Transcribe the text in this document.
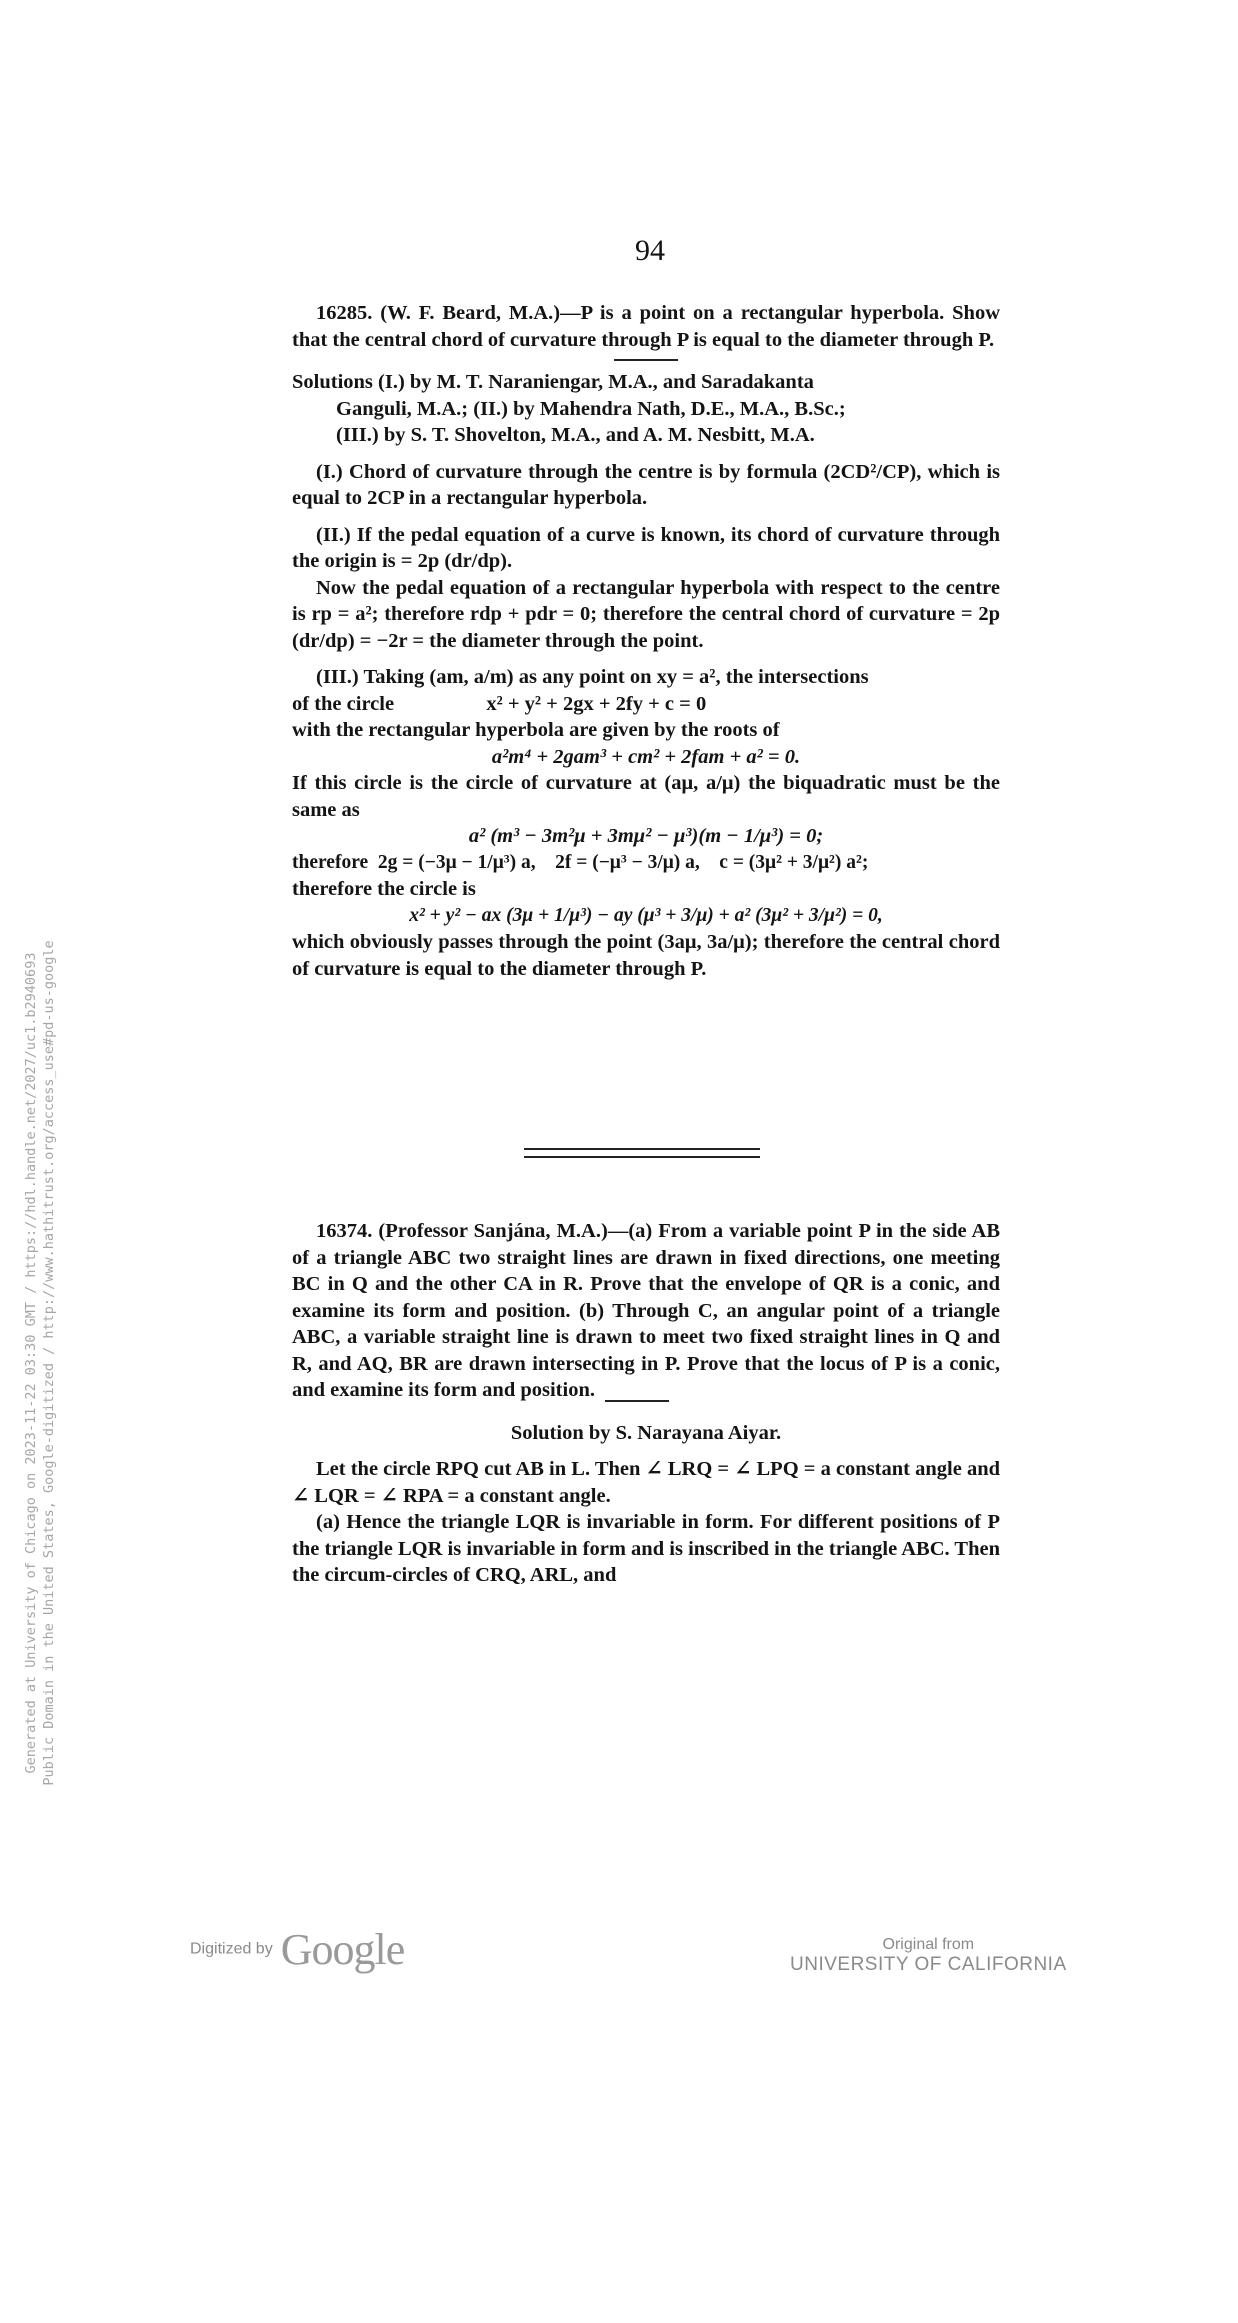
94

16285. (W. F. Beard, M.A.)—P is a point on a rectangular hyperbola. Show that the central chord of curvature through P is equal to the diameter through P.

Solutions (I.) by M. T. Naraniengar, M.A., and Saradakanta

Ganguli, M.A.; (II.) by Mahendra Nath, D.E., M.A., B.Sc.;

(III.) by S. T. Shovelton, M.A., and A. M. Nesbitt, M.A.

(I.) Chord of curvature through the centre is by formula (2CD²/CP), which is equal to 2CP in a rectangular hyperbola.

(II.) If the pedal equation of a curve is known, its chord of curvature through the origin is = 2p (dr/dp).

Now the pedal equation of a rectangular hyperbola with respect to the centre is rp = a²; therefore rdp + pdr = 0; therefore the central chord of curvature = 2p (dr/dp) = −2r = the diameter through the point.

(III.) Taking (am, a/m) as any point on xy = a², the intersections

of the circle                  x² + y² + 2gx + 2fy + c = 0

with the rectangular hyperbola are given by the roots of

a²m⁴ + 2gam³ + cm² + 2fam + a² = 0.

If this circle is the circle of curvature at (aμ, a/μ) the biquadratic must be the same as

a² (m³ − 3m²μ + 3mμ² − μ³)(m − 1/μ³) = 0;

therefore  2g = (−3μ − 1/μ³) a,    2f = (−μ³ − 3/μ) a,    c = (3μ² + 3/μ²) a²;

therefore the circle is

x² + y² − ax (3μ + 1/μ³) − ay (μ³ + 3/μ) + a² (3μ² + 3/μ²) = 0,

which obviously passes through the point (3aμ, 3a/μ); therefore the central chord of curvature is equal to the diameter through P.

16374. (Professor Sanjána, M.A.)—(a) From a variable point P in the side AB of a triangle ABC two straight lines are drawn in fixed directions, one meeting BC in Q and the other CA in R. Prove that the envelope of QR is a conic, and examine its form and position. (b) Through C, an angular point of a triangle ABC, a variable straight line is drawn to meet two fixed straight lines in Q and R, and AQ, BR are drawn intersecting in P. Prove that the locus of P is a conic, and examine its form and position.

Solution by S. Narayana Aiyar.

Let the circle RPQ cut AB in L. Then ∠ LRQ = ∠ LPQ = a constant angle and ∠ LQR = ∠ RPA = a constant angle.

(a) Hence the triangle LQR is invariable in form. For different positions of P the triangle LQR is invariable in form and is inscribed in the triangle ABC. Then the circum-circles of CRQ, ARL, and

Generated at University of Chicago on 2023-11-22 03:30 GMT / https://hdl.handle.net/2027/uc1.b2940693 Public Domain in the United States, Google-digitized / http://www.hathitrust.org/access_use#pd-us-google
Digitized by Google	Original from
UNIVERSITY OF CALIFORNIA
